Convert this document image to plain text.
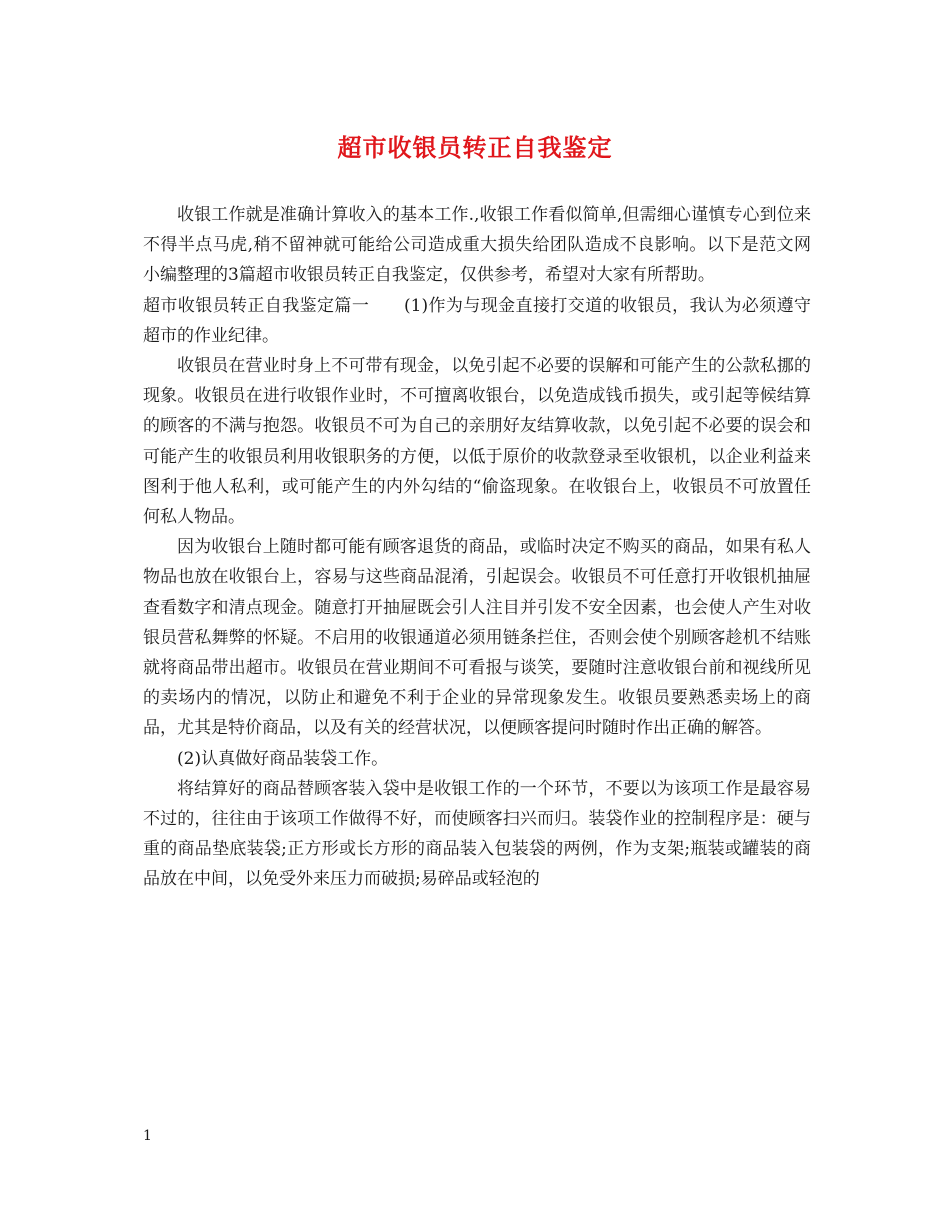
超市收银员转正自我鉴定

收银工作就是准确计算收入的基本工作.,收银工作看似简单,但需细心谨慎专心到位来不得半点马虎,稍不留神就可能给公司造成重大损失给团队造成不良影响。以下是范文网小编整理的3篇超市收银员转正自我鉴定，仅供参考，希望对大家有所帮助。

超市收银员转正自我鉴定篇一　　(1)作为与现金直接打交道的收银员，我认为必须遵守超市的作业纪律。

收银员在营业时身上不可带有现金，以免引起不必要的误解和可能产生的公款私挪的现象。收银员在进行收银作业时，不可擅离收银台，以免造成钱币损失，或引起等候结算的顾客的不满与抱怨。收银员不可为自己的亲朋好友结算收款，以免引起不必要的误会和可能产生的收银员利用收银职务的方便，以低于原价的收款登录至收银机，以企业利益来图利于他人私利，或可能产生的内外勾结的“偷盗现象。在收银台上，收银员不可放置任何私人物品。

因为收银台上随时都可能有顾客退货的商品，或临时决定不购买的商品，如果有私人物品也放在收银台上，容易与这些商品混淆，引起误会。收银员不可任意打开收银机抽屉查看数字和清点现金。随意打开抽屉既会引人注目并引发不安全因素，也会使人产生对收银员营私舞弊的怀疑。不启用的收银通道必须用链条拦住，否则会使个别顾客趁机不结账就将商品带出超市。收银员在营业期间不可看报与谈笑，要随时注意收银台前和视线所见的卖场内的情况，以防止和避免不利于企业的异常现象发生。收银员要熟悉卖场上的商品，尤其是特价商品，以及有关的经营状况，以便顾客提问时随时作出正确的解答。

(2)认真做好商品装袋工作。

将结算好的商品替顾客装入袋中是收银工作的一个环节，不要以为该项工作是最容易不过的，往往由于该项工作做得不好，而使顾客扫兴而归。装袋作业的控制程序是：硬与重的商品垫底装袋;正方形或长方形的商品装入包装袋的两例，作为支架;瓶装或罐装的商品放在中间，以免受外来压力而破损;易碎品或轻泡的

1
